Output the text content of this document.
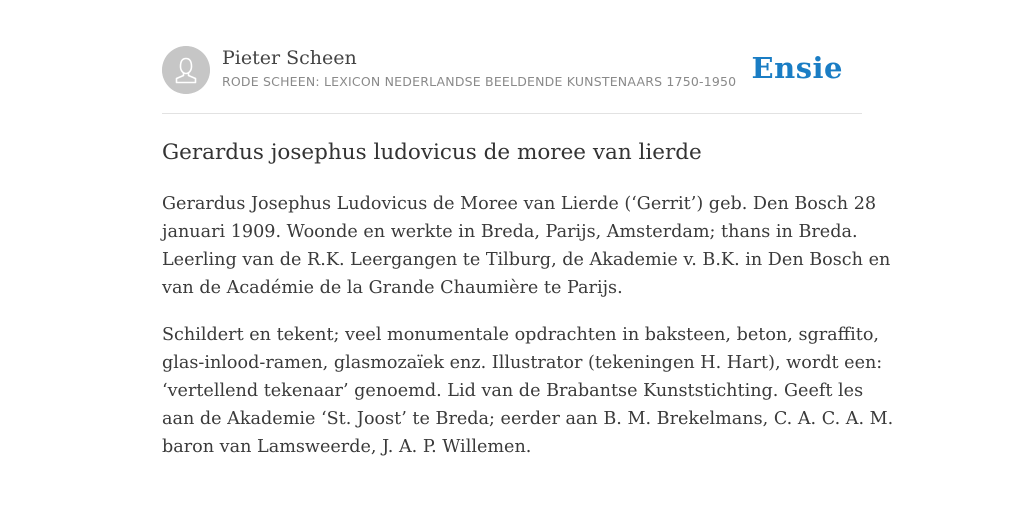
Pieter Scheen
RODE SCHEEN: LEXICON NEDERLANDSE BEELDENDE KUNSTENAARS 1750-1950 Ensie
Gerardus josephus ludovicus de moree van lierde

Gerardus Josephus Ludovicus de Moree van Lierde (‘Gerrit’) geb. Den Bosch 28
januari 1909. Woonde en werkte in Breda, Parijs, Amsterdam; thans in Breda.
Leerling van de R.K. Leergangen te Tilburg, de Akademie v. B.K. in Den Bosch en
van de Académie de la Grande Chaumière te Parijs.

Schildert en tekent; veel monumentale opdrachten in baksteen, beton, sgraffito,
glas-inlood-ramen, glasmozaïek enz. Illustrator (tekeningen H. Hart), wordt een:
‘vertellend tekenaar’ genoemd. Lid van de Brabantse Kunststichting. Geeft les
aan de Akademie ‘St. Joost’ te Breda; eerder aan B. M. Brekelmans, C. A. C. A. M.
baron van Lamsweerde, J. A. P. Willemen.
